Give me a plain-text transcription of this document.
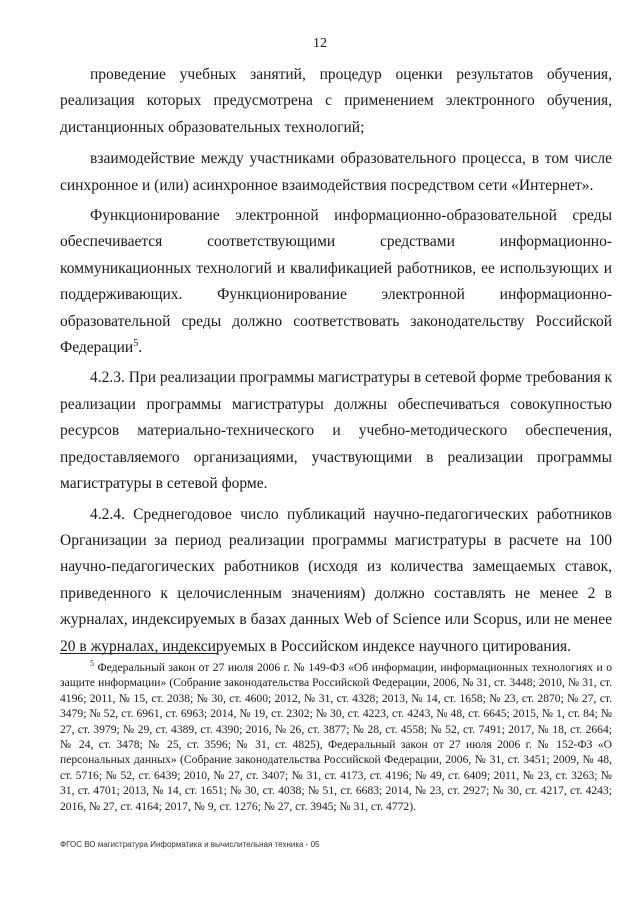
12

проведение учебных занятий, процедур оценки результатов обучения, реализация которых предусмотрена с применением электронного обучения, дистанционных образовательных технологий;

взаимодействие между участниками образовательного процесса, в том числе синхронное и (или) асинхронное взаимодействия посредством сети «Интернет».

Функционирование электронной информационно-образовательной среды обеспечивается соответствующими средствами информационно-коммуникационных технологий и квалификацией работников, ее использующих и поддерживающих. Функционирование электронной информационно-образовательной среды должно соответствовать законодательству Российской Федерации$^5$.

4.2.3. При реализации программы магистратуры в сетевой форме требования к реализации программы магистратуры должны обеспечиваться совокупностью ресурсов материально-технического и учебно-методического обеспечения, предоставляемого организациями, участвующими в реализации программы магистратуры в сетевой форме.

4.2.4. Среднегодовое число публикаций научно-педагогических работников Организации за период реализации программы магистратуры в расчете на 100 научно-педагогических работников (исходя из количества замещаемых ставок, приведенного к целочисленным значениям) должно составлять не менее 2 в журналах, индексируемых в базах данных Web of Science или Scopus, или не менее 20 в журналах, индексируемых в Российском индексе научного цитирования.

$^5$ Федеральный закон от 27 июля 2006 г. № 149-ФЗ «Об информации, информационных технологиях и о защите информации» (Собрание законодательства Российской Федерации, 2006, № 31, ст. 3448; 2010, № 31, ст. 4196; 2011, № 15, ст. 2038; № 30, ст. 4600; 2012, № 31, ст. 4328; 2013, № 14, ст. 1658; № 23, ст. 2870; № 27, ст. 3479; № 52, ст. 6961, ст. 6963; 2014, № 19, ст. 2302; № 30, ст. 4223, ст. 4243, № 48, ст. 6645; 2015, № 1, ст. 84; № 27, ст. 3979; № 29, ст. 4389, ст. 4390; 2016, № 26, ст. 3877; № 28, ст. 4558; № 52, ст. 7491; 2017, № 18, ст. 2664; № 24, ст. 3478; № 25, ст. 3596; № 31, ст. 4825), Федеральный закон от 27 июля 2006 г. № 152-ФЗ «О персональных данных» (Собрание законодательства Российской Федерации, 2006, № 31, ст. 3451; 2009, № 48, ст. 5716; № 52, ст. 6439; 2010, № 27, ст. 3407; № 31, ст. 4173, ст. 4196; № 49, ст. 6409; 2011, № 23, ст. 3263; № 31, ст. 4701; 2013, № 14, ст. 1651; № 30, ст. 4038; № 51, ст. 6683; 2014, № 23, ст. 2927; № 30, ст. 4217, ст. 4243; 2016, № 27, ст. 4164; 2017, № 9, ст. 1276; № 27, ст. 3945; № 31, ст. 4772).
ФГОС ВО магистратура Информатика и вычислительная техника - 05
